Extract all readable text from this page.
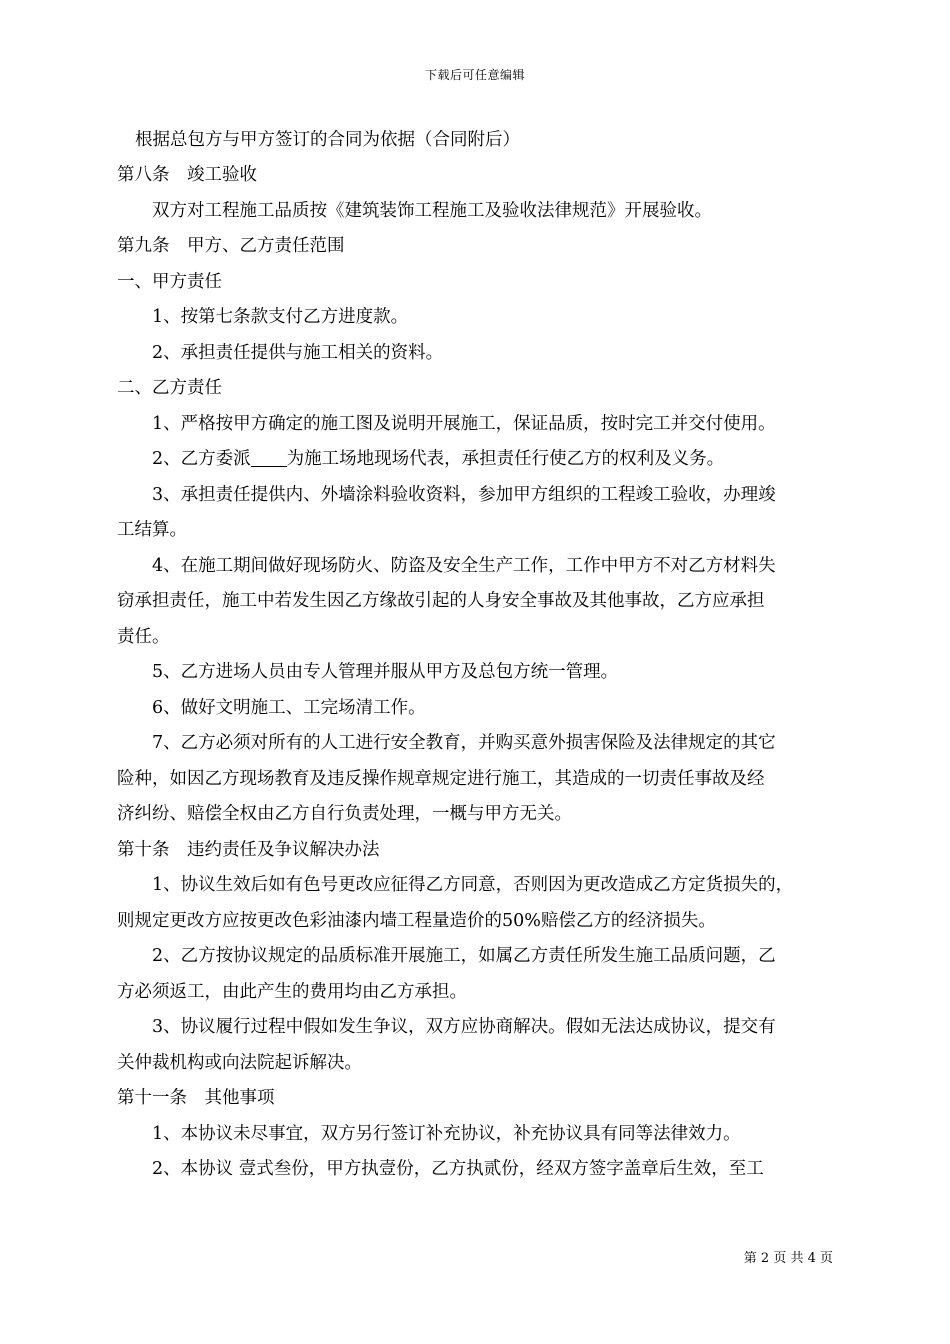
下载后可任意编辑
根据总包方与甲方签订的合同为依据（合同附后）
第八条　竣工验收
双方对工程施工品质按《建筑装饰工程施工及验收法律规范》开展验收。
第九条　甲方、乙方责任范围
一、甲方责任
1、按第七条款支付乙方进度款。
2、承担责任提供与施工相关的资料。
二、乙方责任
1、严格按甲方确定的施工图及说明开展施工，保证品质，按时完工并交付使用。
2、乙方委派 为施工场地现场代表，承担责任行使乙方的权利及义务。
3、承担责任提供内、外墙涂料验收资料，参加甲方组织的工程竣工验收，办理竣
工结算。
4、在施工期间做好现场防火、防盗及安全生产工作，工作中甲方不对乙方材料失
窃承担责任，施工中若发生因乙方缘故引起的人身安全事故及其他事故，乙方应承担
责任。
5、乙方进场人员由专人管理并服从甲方及总包方统一管理。
6、做好文明施工、工完场清工作。
7、乙方必须对所有的人工进行安全教育，并购买意外损害保险及法律规定的其它
险种，如因乙方现场教育及违反操作规章规定进行施工，其造成的一切责任事故及经
济纠纷、赔偿全权由乙方自行负责处理，一概与甲方无关。
第十条　违约责任及争议解决办法
1、协议生效后如有色号更改应征得乙方同意，否则因为更改造成乙方定货损失的，
则规定更改方应按更改色彩油漆内墙工程量造价的50%赔偿乙方的经济损失。
2、乙方按协议规定的品质标准开展施工，如属乙方责任所发生施工品质问题，乙
方必须返工，由此产生的费用均由乙方承担。
3、协议履行过程中假如发生争议，双方应协商解决。假如无法达成协议，提交有
关仲裁机构或向法院起诉解决。
第十一条　其他事项
1、本协议未尽事宜，双方另行签订补充协议，补充协议具有同等法律效力。
2、本协议 壹式叁份，甲方执壹份，乙方执贰份，经双方签字盖章后生效，至工
第 2 页 共 4 页
